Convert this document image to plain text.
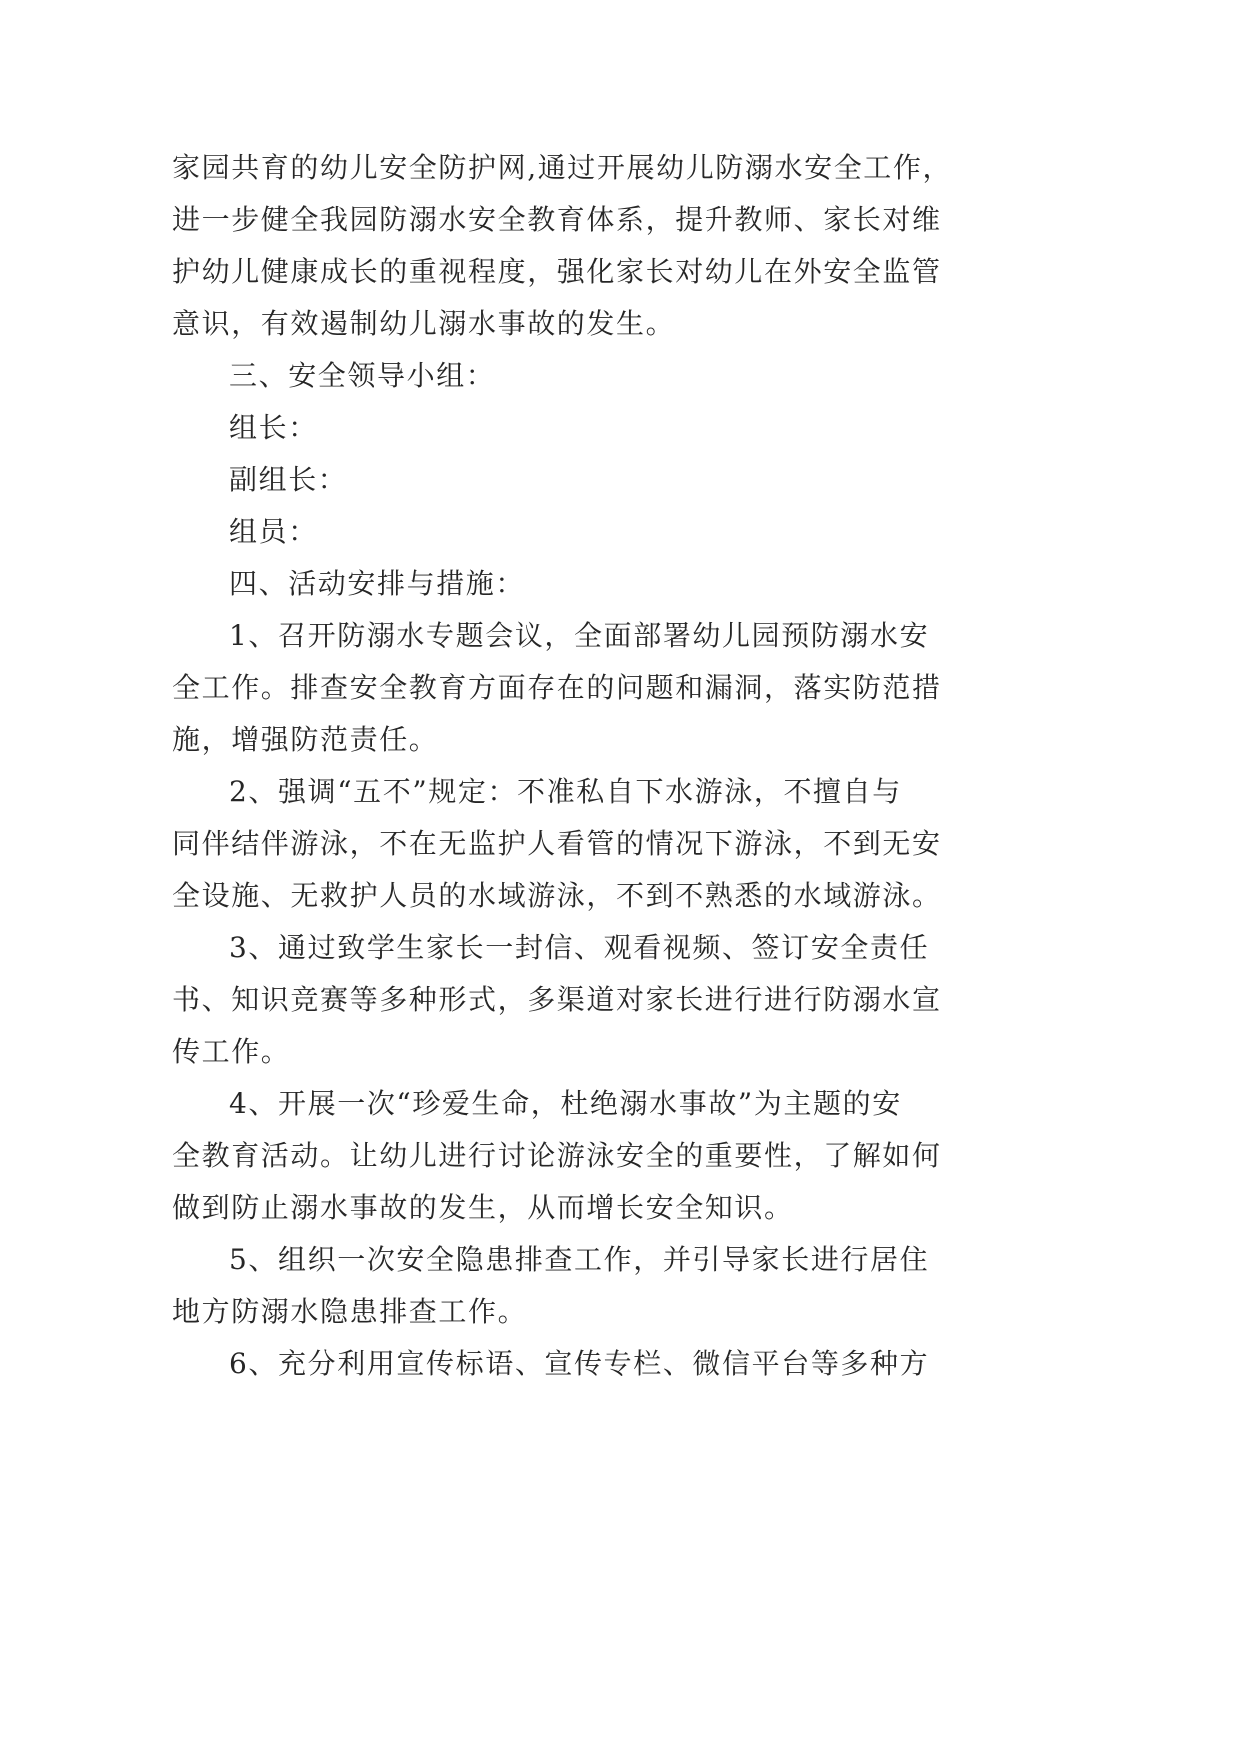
家园共育的幼儿安全防护网,通过开展幼儿防溺水安全工作，
进一步健全我园防溺水安全教育体系，提升教师、家长对维
护幼儿健康成长的重视程度，强化家长对幼儿在外安全监管
意识，有效遏制幼儿溺水事故的发生。
三、安全领导小组：
组长：
副组长：
组员：
四、活动安排与措施：
1、召开防溺水专题会议，全面部署幼儿园预防溺水安
全工作。排查安全教育方面存在的问题和漏洞，落实防范措
施，增强防范责任。
2、强调“五不”规定：不准私自下水游泳，不擅自与
同伴结伴游泳，不在无监护人看管的情况下游泳，不到无安
全设施、无救护人员的水域游泳，不到不熟悉的水域游泳。
3、通过致学生家长一封信、观看视频、签订安全责任
书、知识竞赛等多种形式，多渠道对家长进行进行防溺水宣
传工作。
4、开展一次“珍爱生命，杜绝溺水事故”为主题的安
全教育活动。让幼儿进行讨论游泳安全的重要性，了解如何
做到防止溺水事故的发生，从而增长安全知识。
5、组织一次安全隐患排查工作，并引导家长进行居住
地方防溺水隐患排查工作。
6、充分利用宣传标语、宣传专栏、微信平台等多种方
